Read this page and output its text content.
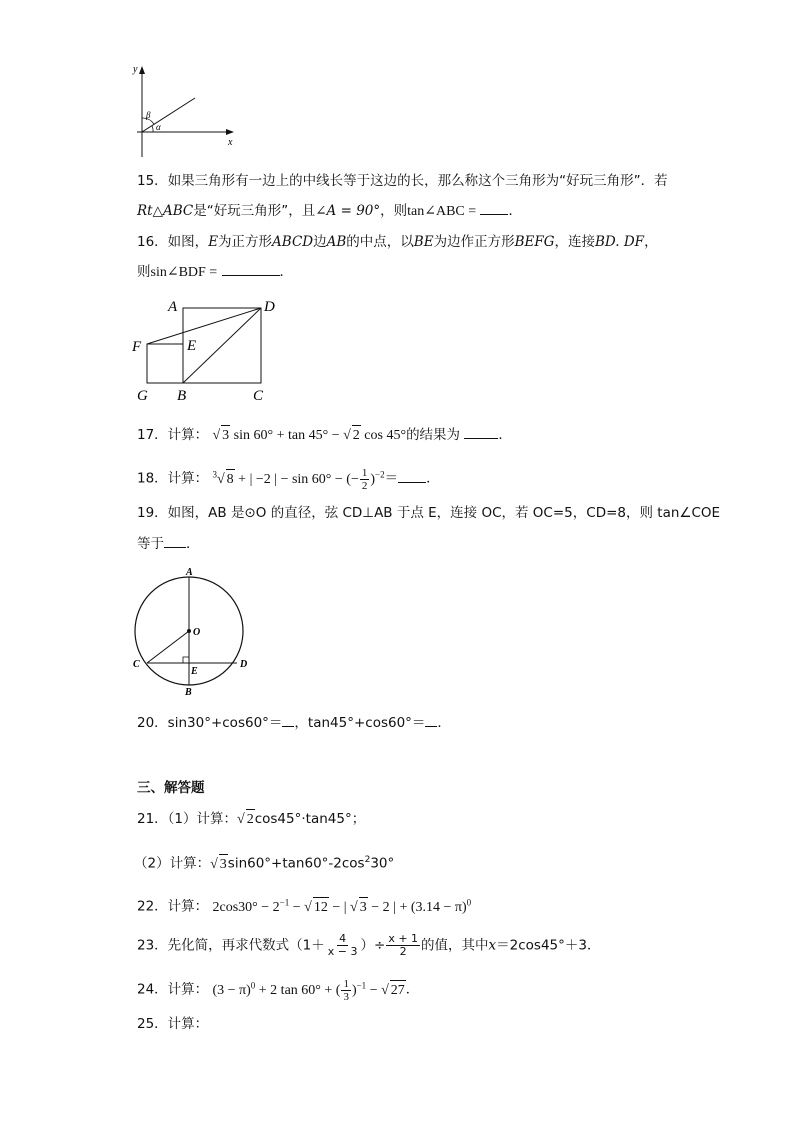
y
x
β
α
15．如果三角形有一边上的中线长等于这边的长，那么称这个三角形为“好玩三角形”．若
Rt△ABC是“好玩三角形”，且∠A = 90°，则tan∠ABC = ．
16．如图，E为正方形ABCD边AB的中点，以BE为边作正方形BEFG，连接BD. DF，
则sin∠BDF =	．
A	D
F	E
G B	C
17．计算： √ 3 sin 60° + tan 45° − √ 2 cos 45°的结果为	．
18．计算： $^3$√ 8 + | −2 | − sin 60° − (− $\frac{1}{2} )^{-2}=$ ．
19．如图，AB 是⊙O 的直径，弦 CD⊥AB 于点 E，连接 OC，若 OC=5，CD=8，则 tan∠COE
等于 ．
A
O
C
E
D
B
20．sin30°+cos60°＝ ，tan45°+cos60°＝ ．
三、解答题
21．（1）计算：√ 2cos45°·tan45°；
（2）计算：√ $3\sin 60^\circ+\tan 60^\circ-2\cos^230^\circ$
22．计算： $2\cos 30^\circ - 2^{-1}$ − √ 12 − | √ 3 − 2 | + $(3.14 - \pi)^0$
23．先化简，再求代数式（$1+ \frac{4}{x - 3}$ ）÷ $\frac{x + 1}{2}$ 的值，其中x＝2cos45°＋3．
24．计算： $(3 - \pi)^0 + 2$ tan 60° + ( $\frac{1}{3} )^{-1}$ − √ 27．
25．计算：
